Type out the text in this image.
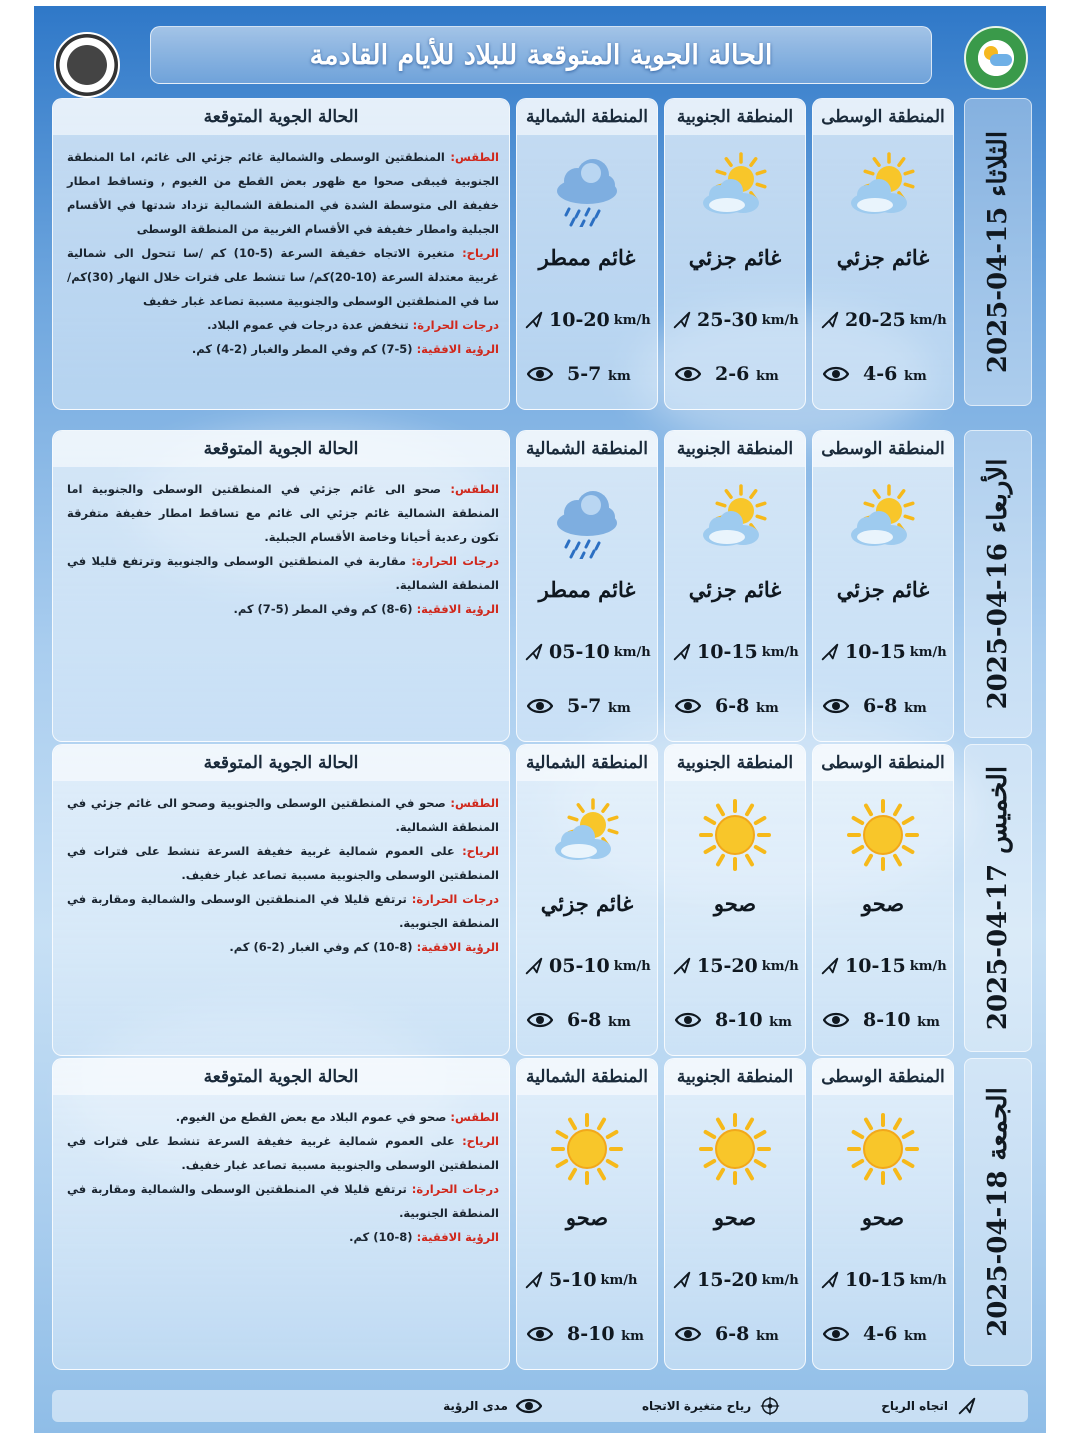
الحالة الجوية المتوقعة للبلاد للأيام القادمة
2025-04-15
الثلاثاء
المنطقة الوسطى
غائم جزئي
20-25 km/h
4-6 km
المنطقة الجنوبية
غائم جزئي
25-30 km/h
2-6 km
المنطقة الشمالية
غائم ممطر
10-20 km/h
5-7 km
الحالة الجوية المتوقعة

الطقس: المنطقتين الوسطى والشمالية غائم جزئي الى غائم، اما المنطقة الجنوبية فيبقى صحوا مع ظهور بعض القطع من الغيوم , وتساقط امطار خفيفة الى متوسطة الشدة في المنطقة الشمالية تزداد شدتها في الأقسام الجبلية وامطار خفيفة في الأقسام الغربية من المنطقة الوسطى

الرياح: متغيرة الاتجاه خفيفة السرعة (5-10) كم /سا تتحول الى شمالية غربية معتدلة السرعة (10-20)كم/ سا تنشط على فترات خلال النهار (30)كم/سا في المنطقتين الوسطى والجنوبية مسببة تصاعد غبار خفيف

درجات الحرارة: تنخفض عدة درجات في عموم البلاد.

الرؤية الافقية: (5-7) كم وفي المطر والغبار (2-4) كم.

2025-04-16
الأربعاء
المنطقة الوسطى
غائم جزئي
10-15 km/h
6-8 km
المنطقة الجنوبية
غائم جزئي
10-15 km/h
6-8 km
المنطقة الشمالية
غائم ممطر
05-10 km/h
5-7 km
الحالة الجوية المتوقعة

الطقس: صحو الى غائم جزئي في المنطقتين الوسطى والجنوبية اما المنطقة الشمالية غائم جزئي الى غائم مع تساقط امطار خفيفة متفرقة تكون رعدية أحيانا وخاصة الأقسام الجبلية.

درجات الحرارة: مقاربة في المنطقتين الوسطى والجنوبية وترتفع قليلا في المنطقة الشمالية.

الرؤية الافقية: (6-8) كم وفي المطر (5-7) كم.

2025-04-17
الخميس
المنطقة الوسطى
صحو
10-15 km/h
8-10 km
المنطقة الجنوبية
صحو
15-20 km/h
8-10 km
المنطقة الشمالية
غائم جزئي
05-10 km/h
6-8 km
الحالة الجوية المتوقعة

الطقس: صحو في المنطقتين الوسطى والجنوبية وصحو الى غائم جزئي في المنطقة الشمالية.

الرياح: على العموم شمالية غربية خفيفة السرعة تنشط على فترات في المنطقتين الوسطى والجنوبية مسببة تصاعد غبار خفيف.

درجات الحرارة: ترتفع قليلا في المنطقتين الوسطى والشمالية ومقاربة في المنطقة الجنوبية.

الرؤية الافقية: (8-10) كم وفي الغبار (2-6) كم.

2025-04-18
الجمعة
المنطقة الوسطى
صحو
10-15 km/h
4-6 km
المنطقة الجنوبية
صحو
15-20 km/h
6-8 km
المنطقة الشمالية
صحو
5-10 km/h
8-10 km
الحالة الجوية المتوقعة

الطقس: صحو في عموم البلاد مع بعض القطع من الغيوم.

الرياح: على العموم شمالية غربية خفيفة السرعة تنشط على فترات في المنطقتين الوسطى والجنوبية مسببة تصاعد غبار خفيف.

درجات الحرارة: ترتفع قليلا في المنطقتين الوسطى والشمالية ومقاربة في المنطقة الجنوبية.

الرؤية الافقية: (8-10) كم.

اتجاه الرياح
رياح متغيرة الاتجاه
مدى الرؤية
